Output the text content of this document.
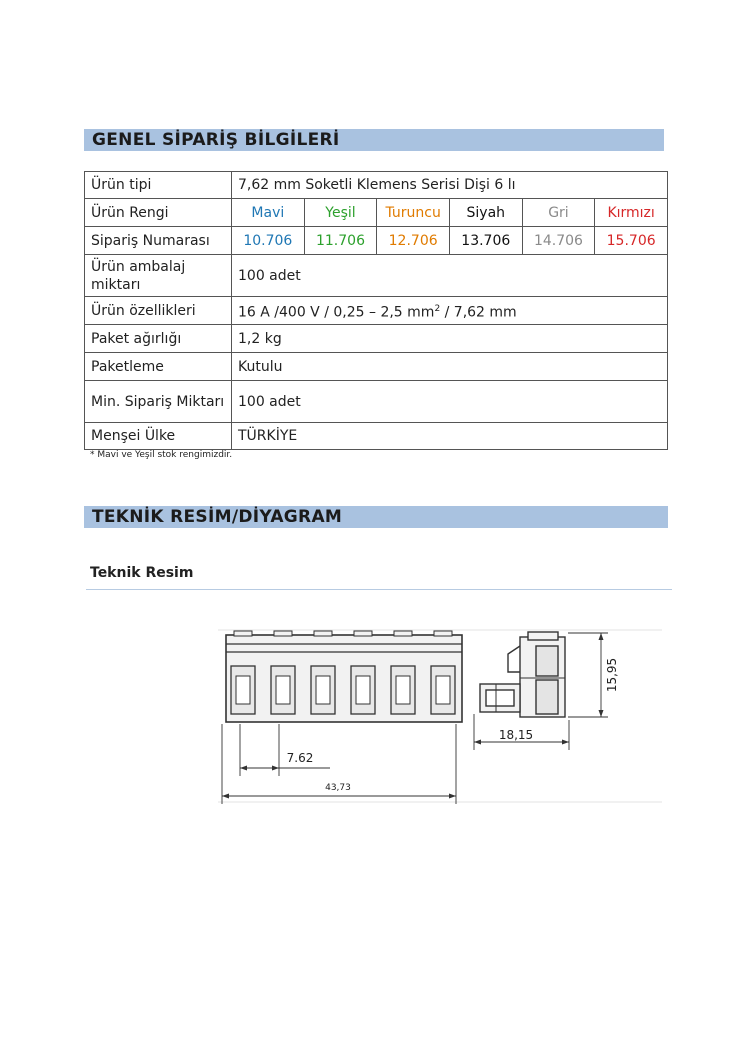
GENEL SİPARİŞ BİLGİLERİ
Ürün tipi	7,62 mm Soketli Klemens Serisi Dişi 6 lı					
Ürün Rengi	Mavi	Yeşil	Turuncu	Siyah	Gri	Kırmızı
Sipariş Numarası	10.706	11.706	12.706	13.706	14.706	15.706
Ürün ambalaj miktarı	100 adet					
Ürün özellikleri	16 A /400 V / 0,25 – 2,5 $mm^2 / 7,62$ mm					
Paket ağırlığı	1,2 kg					
Paketleme	Kutulu					
Min. Sipariş Miktarı	100 adet					
Menşei Ülke	TÜRKİYE					
* Mavi ve Yeşil stok rengimizdir.
TEKNİK RESİM/DİYAGRAM
Teknik Resim
7.62
43,73
18,15
15,95
